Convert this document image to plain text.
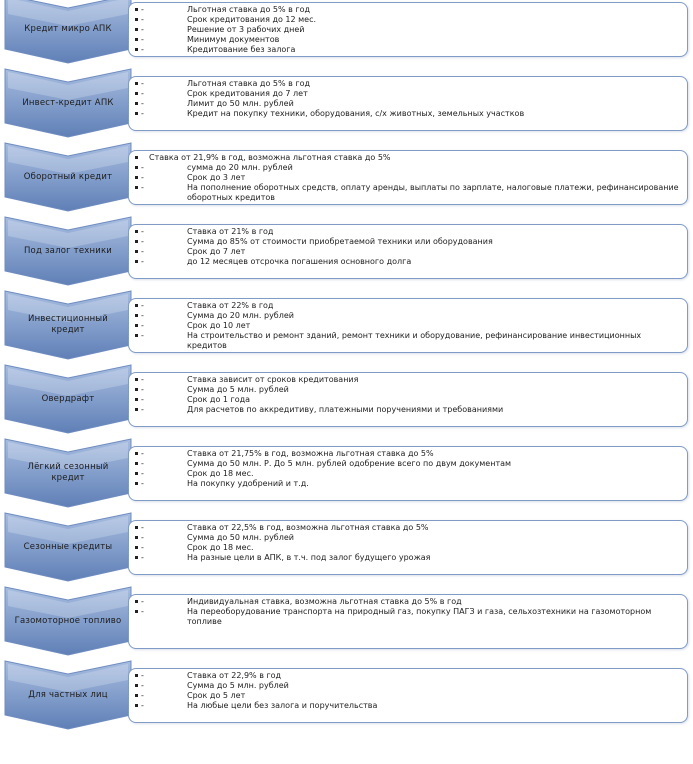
Кредит микро АПК
-	Льготная ставка до 5% в год
-	Срок кредитования до 12 мес.
-	Решение от 3 рабочих дней
-	Минимум документов
-	Кредитование без залога
Инвест-кредит АПК
-	Льготная ставка до 5% в год
-	Срок кредитования до 7 лет
-	Лимит до 50 млн. рублей
-	Кредит на покупку техники, оборудования, с/х животных, земельных участков
Оборотный кредит
Ставка от 21,9% в год, возможна льготная ставка до 5%
-	сумма до 20 млн. рублей
-	Срок до 3 лет
-	На пополнение оборотных средств, оплату аренды, выплаты по зарплате, налоговые платежи, рефинансирование оборотных кредитов
Под залог техники
-	Ставка от 21% в год
-	Сумма до 85% от стоимости приобретаемой техники или оборудования
-	Срок до 7 лет
-	до 12 месяцев отсрочка погашения основного долга
Инвестиционный кредит
-	Ставка от 22% в год
-	Сумма до 20 млн. рублей
-	Срок до 10 лет
-	На строительство и ремонт зданий, ремонт техники и оборудование, рефинансирование инвестиционных кредитов
Овердрафт
-	Ставка зависит от сроков кредитования
-	Сумма до 5 млн. рублей
-	Срок до 1 года
-	Для расчетов по аккредитиву, платежными поручениями и требованиями
Лёгкий сезонный кредит
-	Ставка от 21,75% в год, возможна льготная ставка до 5%
-	Сумма до 50 млн. Р. До 5 млн. рублей одобрение всего по двум документам
-	Срок до 18 мес.
-	На покупку удобрений и т.д.
Сезонные кредиты
-	Ставка от 22,5% в год, возможна льготная ставка до 5%
-	Сумма до 50 млн. рублей
-	Срок до 18 мес.
-	На разные цели в АПК, в т.ч. под залог будущего урожая
Газомоторное топливо
-	Индивидуальная ставка, возможна льготная ставка до 5% в год
-	На переоборудование транспорта на природный газ, покупку ПАГЗ и газа, сельхозтехники на газомоторном топливе
Для частных лиц
-	Ставка от 22,9% в год
-	Сумма до 5 млн. рублей
-	Срок до 5 лет
-	На любые цели без залога и поручительства
